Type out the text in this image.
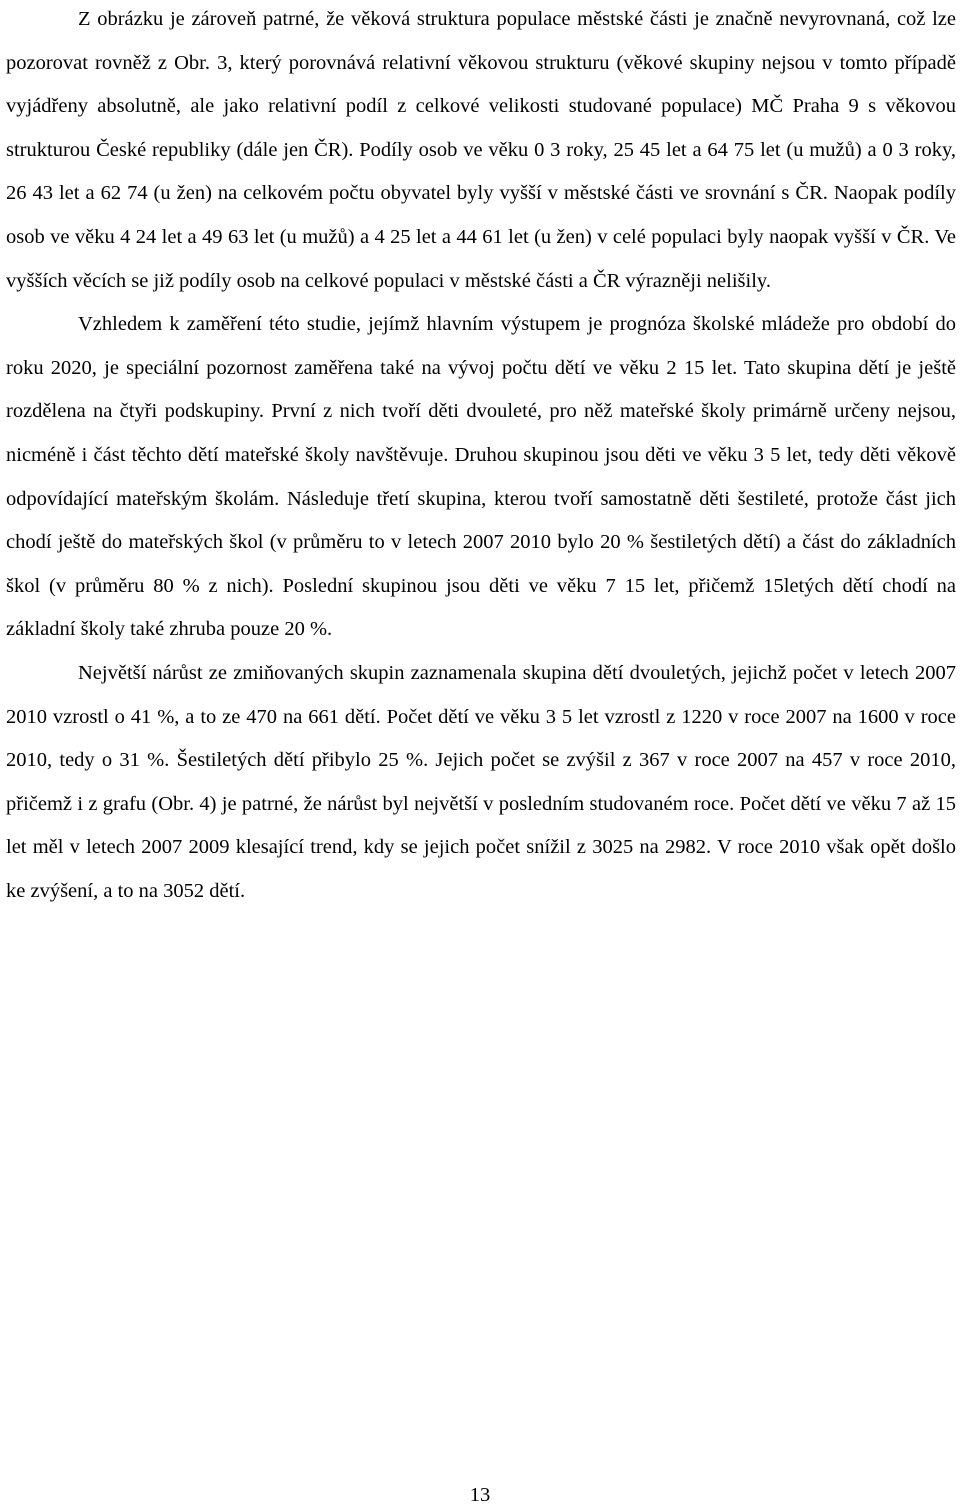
Z obrázku je zároveň patrné, že věková struktura populace městské části je značně nevyrovnaná, což lze pozorovat rovněž z Obr. 3, který porovnává relativní věkovou strukturu (věkové skupiny nejsou v tomto případě vyjádřeny absolutně, ale jako relativní podíl z celkové velikosti studované populace) MČ Praha 9 s věkovou strukturou České republiky (dále jen ČR). Podíly osob ve věku 0 3 roky, 25 45 let a 64 75 let (u mužů) a 0 3 roky, 26 43 let a 62 74 (u žen) na celkovém počtu obyvatel byly vyšší v městské části ve srovnání s ČR. Naopak podíly osob ve věku 4 24 let a 49 63 let (u mužů) a 4 25 let a 44 61 let (u žen) v celé populaci byly naopak vyšší v ČR. Ve vyšších věcích se již podíly osob na celkové populaci v městské části a ČR výrazněji nelišily.

Vzhledem k zaměření této studie, jejímž hlavním výstupem je prognóza školské mládeže pro období do roku 2020, je speciální pozornost zaměřena také na vývoj počtu dětí ve věku 2 15 let. Tato skupina dětí je ještě rozdělena na čtyři podskupiny. První z nich tvoří děti dvouleté, pro něž mateřské školy primárně určeny nejsou, nicméně i část těchto dětí mateřské školy navštěvuje. Druhou skupinou jsou děti ve věku 3 5 let, tedy děti věkově odpovídající mateřským školám. Následuje třetí skupina, kterou tvoří samostatně děti šestileté, protože část jich chodí ještě do mateřských škol (v průměru to v letech 2007 2010 bylo 20 % šestiletých dětí) a část do základních škol (v průměru 80 % z nich). Poslední skupinou jsou děti ve věku 7 15 let, přičemž 15letých dětí chodí na základní školy také zhruba pouze 20 %.

Největší nárůst ze zmiňovaných skupin zaznamenala skupina dětí dvouletých, jejichž počet v letech 2007 2010 vzrostl o 41 %, a to ze 470 na 661 dětí. Počet dětí ve věku 3 5 let vzrostl z 1220 v roce 2007 na 1600 v roce 2010, tedy o 31 %. Šestiletých dětí přibylo 25 %. Jejich počet se zvýšil z 367 v roce 2007 na 457 v roce 2010, přičemž i z grafu (Obr. 4) je patrné, že nárůst byl největší v posledním studovaném roce. Počet dětí ve věku 7 až 15 let měl v letech 2007 2009 klesající trend, kdy se jejich počet snížil z 3025 na 2982. V roce 2010 však opět došlo ke zvýšení, a to na 3052 dětí.

13
